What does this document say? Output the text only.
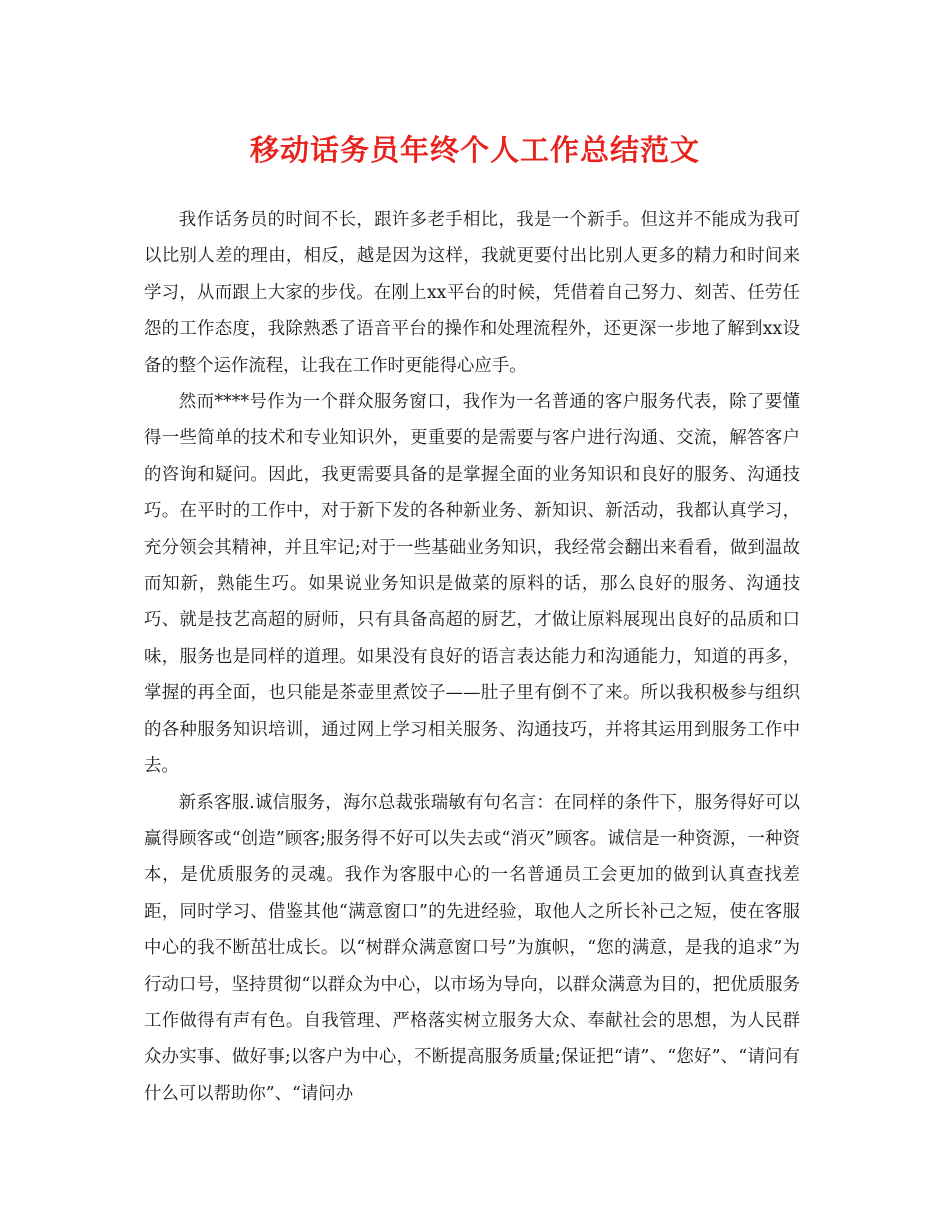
移动话务员年终个人工作总结范文

我作话务员的时间不长，跟许多老手相比，我是一个新手。但这并不能成为我可以比别人差的理由，相反，越是因为这样，我就更要付出比别人更多的精力和时间来学习，从而跟上大家的步伐。在刚上xx平台的时候，凭借着自己努力、刻苦、任劳任怨的工作态度，我除熟悉了语音平台的操作和处理流程外，还更深一步地了解到xx设备的整个运作流程，让我在工作时更能得心应手。

然而****号作为一个群众服务窗口，我作为一名普通的客户服务代表，除了要懂得一些简单的技术和专业知识外，更重要的是需要与客户进行沟通、交流，解答客户的咨询和疑问。因此，我更需要具备的是掌握全面的业务知识和良好的服务、沟通技巧。在平时的工作中，对于新下发的各种新业务、新知识、新活动，我都认真学习，充分领会其精神，并且牢记;对于一些基础业务知识，我经常会翻出来看看，做到温故而知新，熟能生巧。如果说业务知识是做菜的原料的话，那么良好的服务、沟通技巧、就是技艺高超的厨师，只有具备高超的厨艺，才做让原料展现出良好的品质和口味，服务也是同样的道理。如果没有良好的语言表达能力和沟通能力，知道的再多，掌握的再全面，也只能是茶壶里煮饺子——肚子里有倒不了来。所以我积极参与组织的各种服务知识培训，通过网上学习相关服务、沟通技巧，并将其运用到服务工作中去。

新系客服.诚信服务，海尔总裁张瑞敏有句名言：在同样的条件下，服务得好可以赢得顾客或“创造”顾客;服务得不好可以失去或“消灭”顾客。诚信是一种资源，一种资本，是优质服务的灵魂。我作为客服中心的一名普通员工会更加的做到认真查找差距，同时学习、借鉴其他“满意窗口”的先进经验，取他人之所长补己之短，使在客服中心的我不断茁壮成长。以“树群众满意窗口号”为旗帜，“您的满意，是我的追求”为行动口号，坚持贯彻“以群众为中心，以市场为导向，以群众满意为目的，把优质服务工作做得有声有色。自我管理、严格落实树立服务大众、奉献社会的思想，为人民群众办实事、做好事;以客户为中心，不断提高服务质量;保证把“请”、“您好”、“请问有什么可以帮助你”、“请问办
